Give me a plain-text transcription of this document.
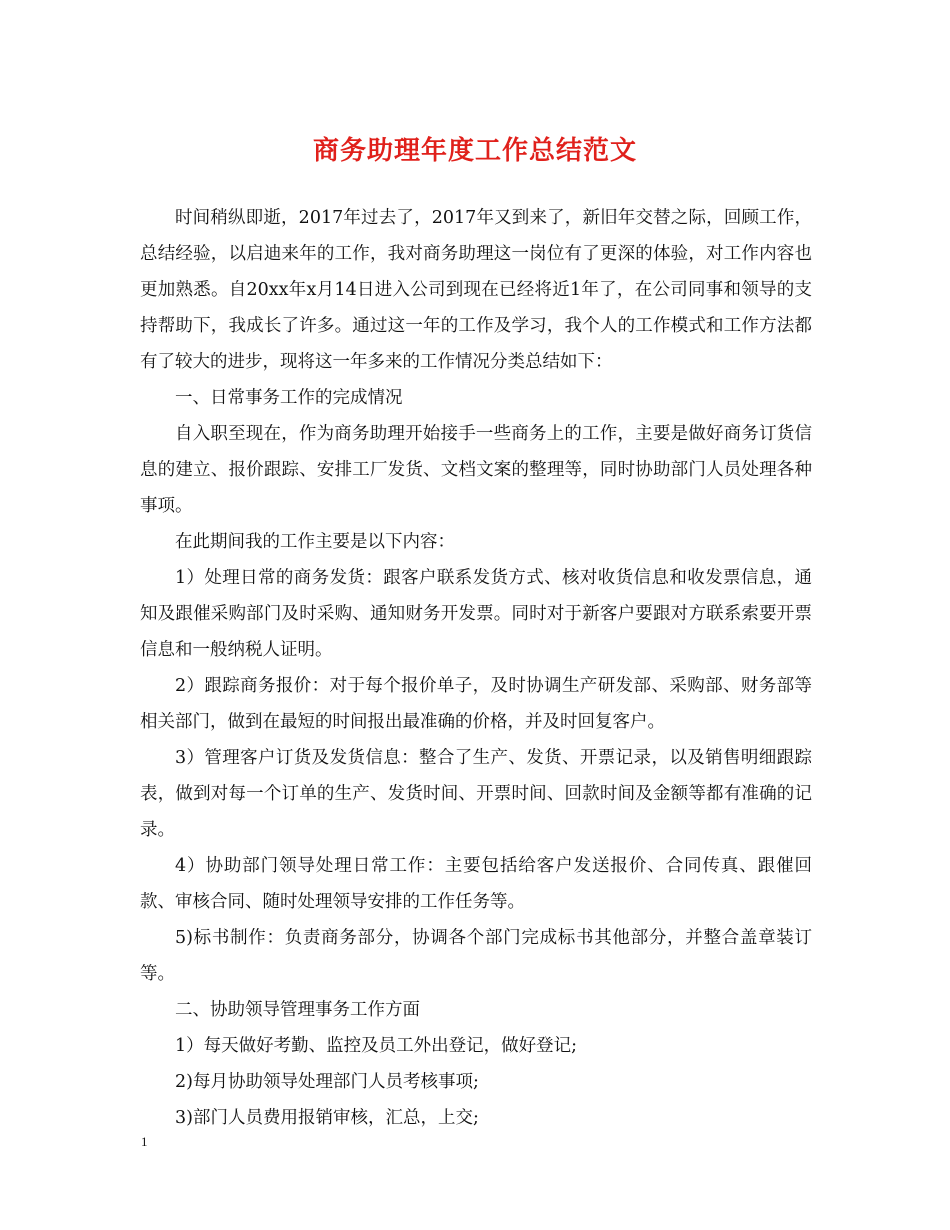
商务助理年度工作总结范文

时间稍纵即逝，2017年过去了，2017年又到来了，新旧年交替之际，回顾工作，总结经验，以启迪来年的工作，我对商务助理这一岗位有了更深的体验，对工作内容也更加熟悉。自20xx年x月14日进入公司到现在已经将近1年了，在公司同事和领导的支持帮助下，我成长了许多。通过这一年的工作及学习，我个人的工作模式和工作方法都有了较大的进步，现将这一年多来的工作情况分类总结如下：

一、日常事务工作的完成情况

自入职至现在，作为商务助理开始接手一些商务上的工作，主要是做好商务订货信息的建立、报价跟踪、安排工厂发货、文档文案的整理等，同时协助部门人员处理各种事项。

在此期间我的工作主要是以下内容：

1）处理日常的商务发货：跟客户联系发货方式、核对收货信息和收发票信息，通知及跟催采购部门及时采购、通知财务开发票。同时对于新客户要跟对方联系索要开票信息和一般纳税人证明。

2）跟踪商务报价：对于每个报价单子，及时协调生产研发部、采购部、财务部等相关部门，做到在最短的时间报出最准确的价格，并及时回复客户。

3）管理客户订货及发货信息：整合了生产、发货、开票记录，以及销售明细跟踪表，做到对每一个订单的生产、发货时间、开票时间、回款时间及金额等都有准确的记录。

4）协助部门领导处理日常工作：主要包括给客户发送报价、合同传真、跟催回款、审核合同、随时处理领导安排的工作任务等。

5)标书制作：负责商务部分，协调各个部门完成标书其他部分，并整合盖章装订等。

二、协助领导管理事务工作方面

1）每天做好考勤、监控及员工外出登记，做好登记;

2)每月协助领导处理部门人员考核事项;

3)部门人员费用报销审核，汇总，上交;

1
